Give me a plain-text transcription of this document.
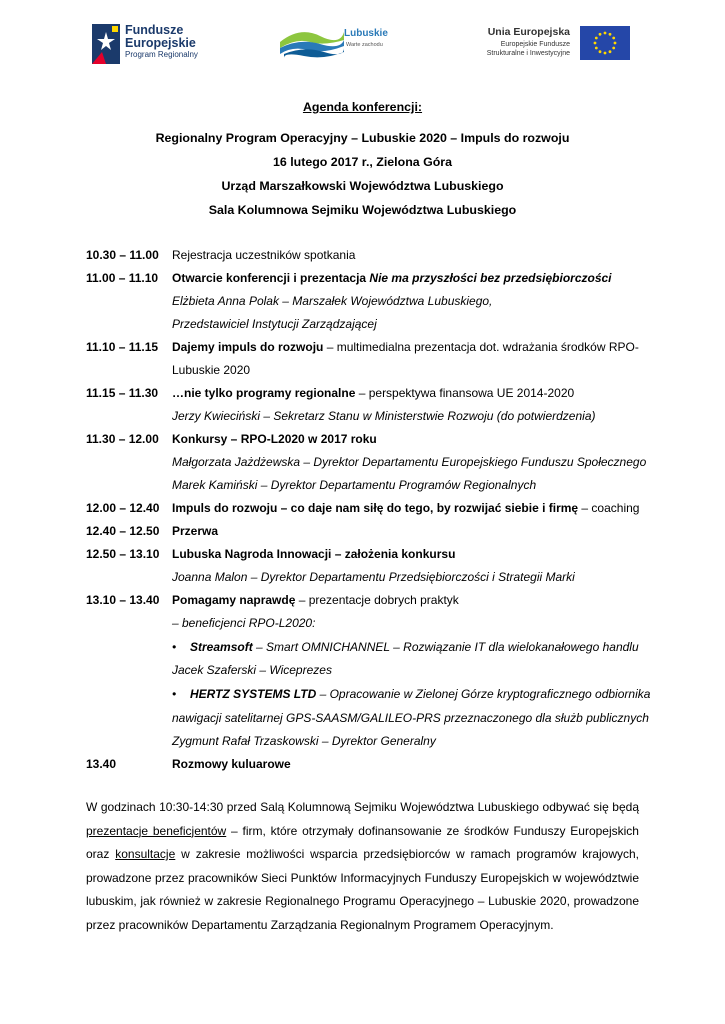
Fundusze
Europejskie
Program Regionalny
Lubuskie
Warte zachodu
Unia Europejska
Europejskie Fundusze
Strukturalne i Inwestycyjne
Agenda konferencji:
Regionalny Program Operacyjny – Lubuskie 2020 – Impuls do rozwoju
16 lutego 2017 r., Zielona Góra
Urząd Marszałkowski Województwa Lubuskiego
Sala Kolumnowa Sejmiku Województwa Lubuskiego
10.30 – 11.00 Rejestracja uczestników spotkania
11.00 – 11.10 Otwarcie konferencji i prezentacja Nie ma przyszłości bez przedsiębiorczości
Elżbieta Anna Polak – Marszałek Województwa Lubuskiego,
Przedstawiciel Instytucji Zarządzającej
11.10 – 11.15 Dajemy impuls do rozwoju – multimedialna prezentacja dot. wdrażania środków RPO-
Lubuskie 2020
11.15 – 11.30 …nie tylko programy regionalne – perspektywa finansowa UE 2014-2020
Jerzy Kwieciński – Sekretarz Stanu w Ministerstwie Rozwoju (do potwierdzenia)
11.30 – 12.00 Konkursy – RPO-L2020 w 2017 roku
Małgorzata Jażdżewska – Dyrektor Departamentu Europejskiego Funduszu Społecznego
Marek Kamiński – Dyrektor Departamentu Programów Regionalnych
12.00 – 12.40 Impuls do rozwoju – co daje nam siłę do tego, by rozwijać siebie i firmę – coaching
12.40 – 12.50 Przerwa
12.50 – 13.10 Lubuska Nagroda Innowacji – założenia konkursu
Joanna Malon – Dyrektor Departamentu Przedsiębiorczości i Strategii Marki
13.10 – 13.40 Pomagamy naprawdę – prezentacje dobrych praktyk
– beneficjenci RPO-L2020:
• Streamsoft – Smart OMNICHANNEL – Rozwiązanie IT dla wielokanałowego handlu
Jacek Szaferski – Wiceprezes
• HERTZ SYSTEMS LTD – Opracowanie w Zielonej Górze kryptograficznego odbiornika
nawigacji satelitarnej GPS-SAASM/GALILEO-PRS przeznaczonego dla służb publicznych
Zygmunt Rafał Trzaskowski – Dyrektor Generalny
13.40	Rozmowy kuluarowe
W godzinach 10:30-14:30 przed Salą Kolumnową Sejmiku Województwa Lubuskiego odbywać się będą prezentacje beneficjentów – firm, które otrzymały dofinansowanie ze środków Funduszy Europejskich oraz konsultacje w zakresie możliwości wsparcia przedsiębiorców w ramach programów krajowych, prowadzone przez pracowników Sieci Punktów Informacyjnych Funduszy Europejskich w województwie lubuskim, jak również w zakresie Regionalnego Programu Operacyjnego – Lubuskie 2020, prowadzone przez pracowników Departamentu Zarządzania Regionalnym Programem Operacyjnym.
